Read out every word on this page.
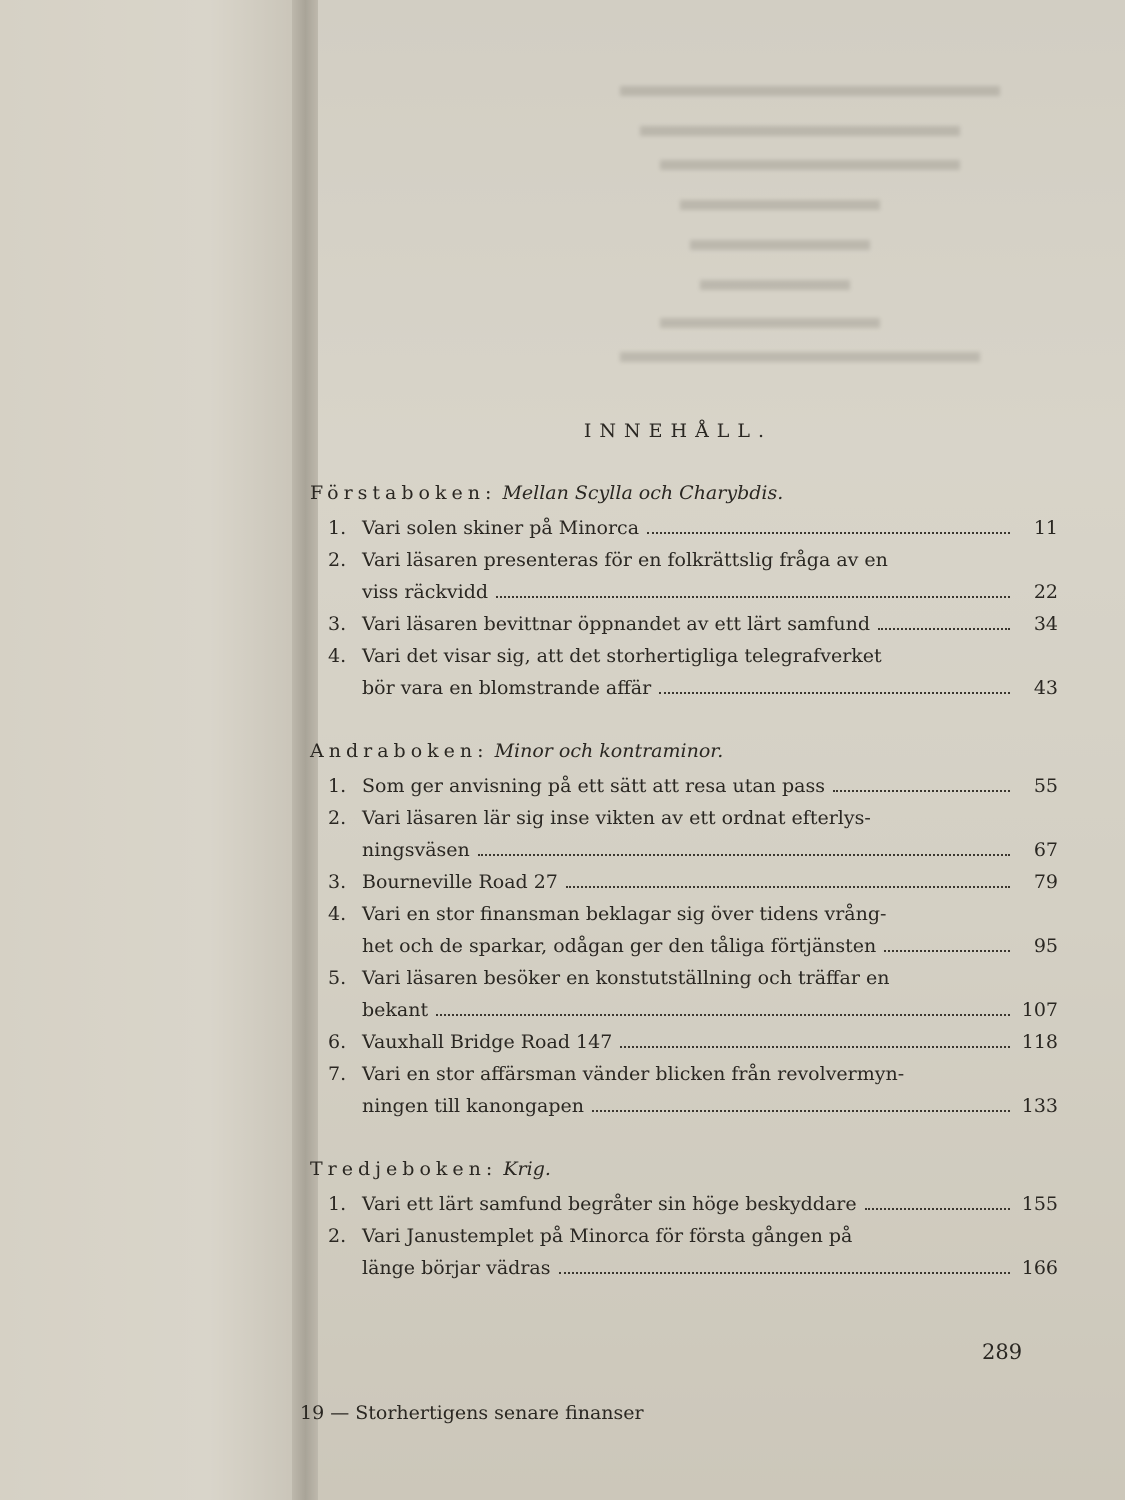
INNEHÅLL.
Förstaboken: Mellan Scylla och Charybdis.
1. Vari solen skiner på Minorca	11
2. Vari läsaren presenteras för en folkrättslig fråga av en
viss räckvidd	22
3. Vari läsaren bevittnar öppnandet av ett lärt samfund	34
4. Vari det visar sig, att det storhertigliga telegrafverket
bör vara en blomstrande affär	43
Andraboken: Minor och kontraminor.
1. Som ger anvisning på ett sätt att resa utan pass	55
2. Vari läsaren lär sig inse vikten av ett ordnat efterlys-
ningsväsen	67
3. Bourneville Road 27	79
4. Vari en stor finansman beklagar sig över tidens vrång-
het och de sparkar, odågan ger den tåliga förtjänsten	95
5. Vari läsaren besöker en konstutställning och träffar en
bekant	107
6. Vauxhall Bridge Road 147	118
7. Vari en stor affärsman vänder blicken från revolvermyn-
ningen till kanongapen	133
Tredjeboken: Krig.
1. Vari ett lärt samfund begråter sin höge beskyddare	155
2. Vari Janustemplet på Minorca för första gången på
länge börjar vädras	166
289
19 — Storhertigens senare finanser
